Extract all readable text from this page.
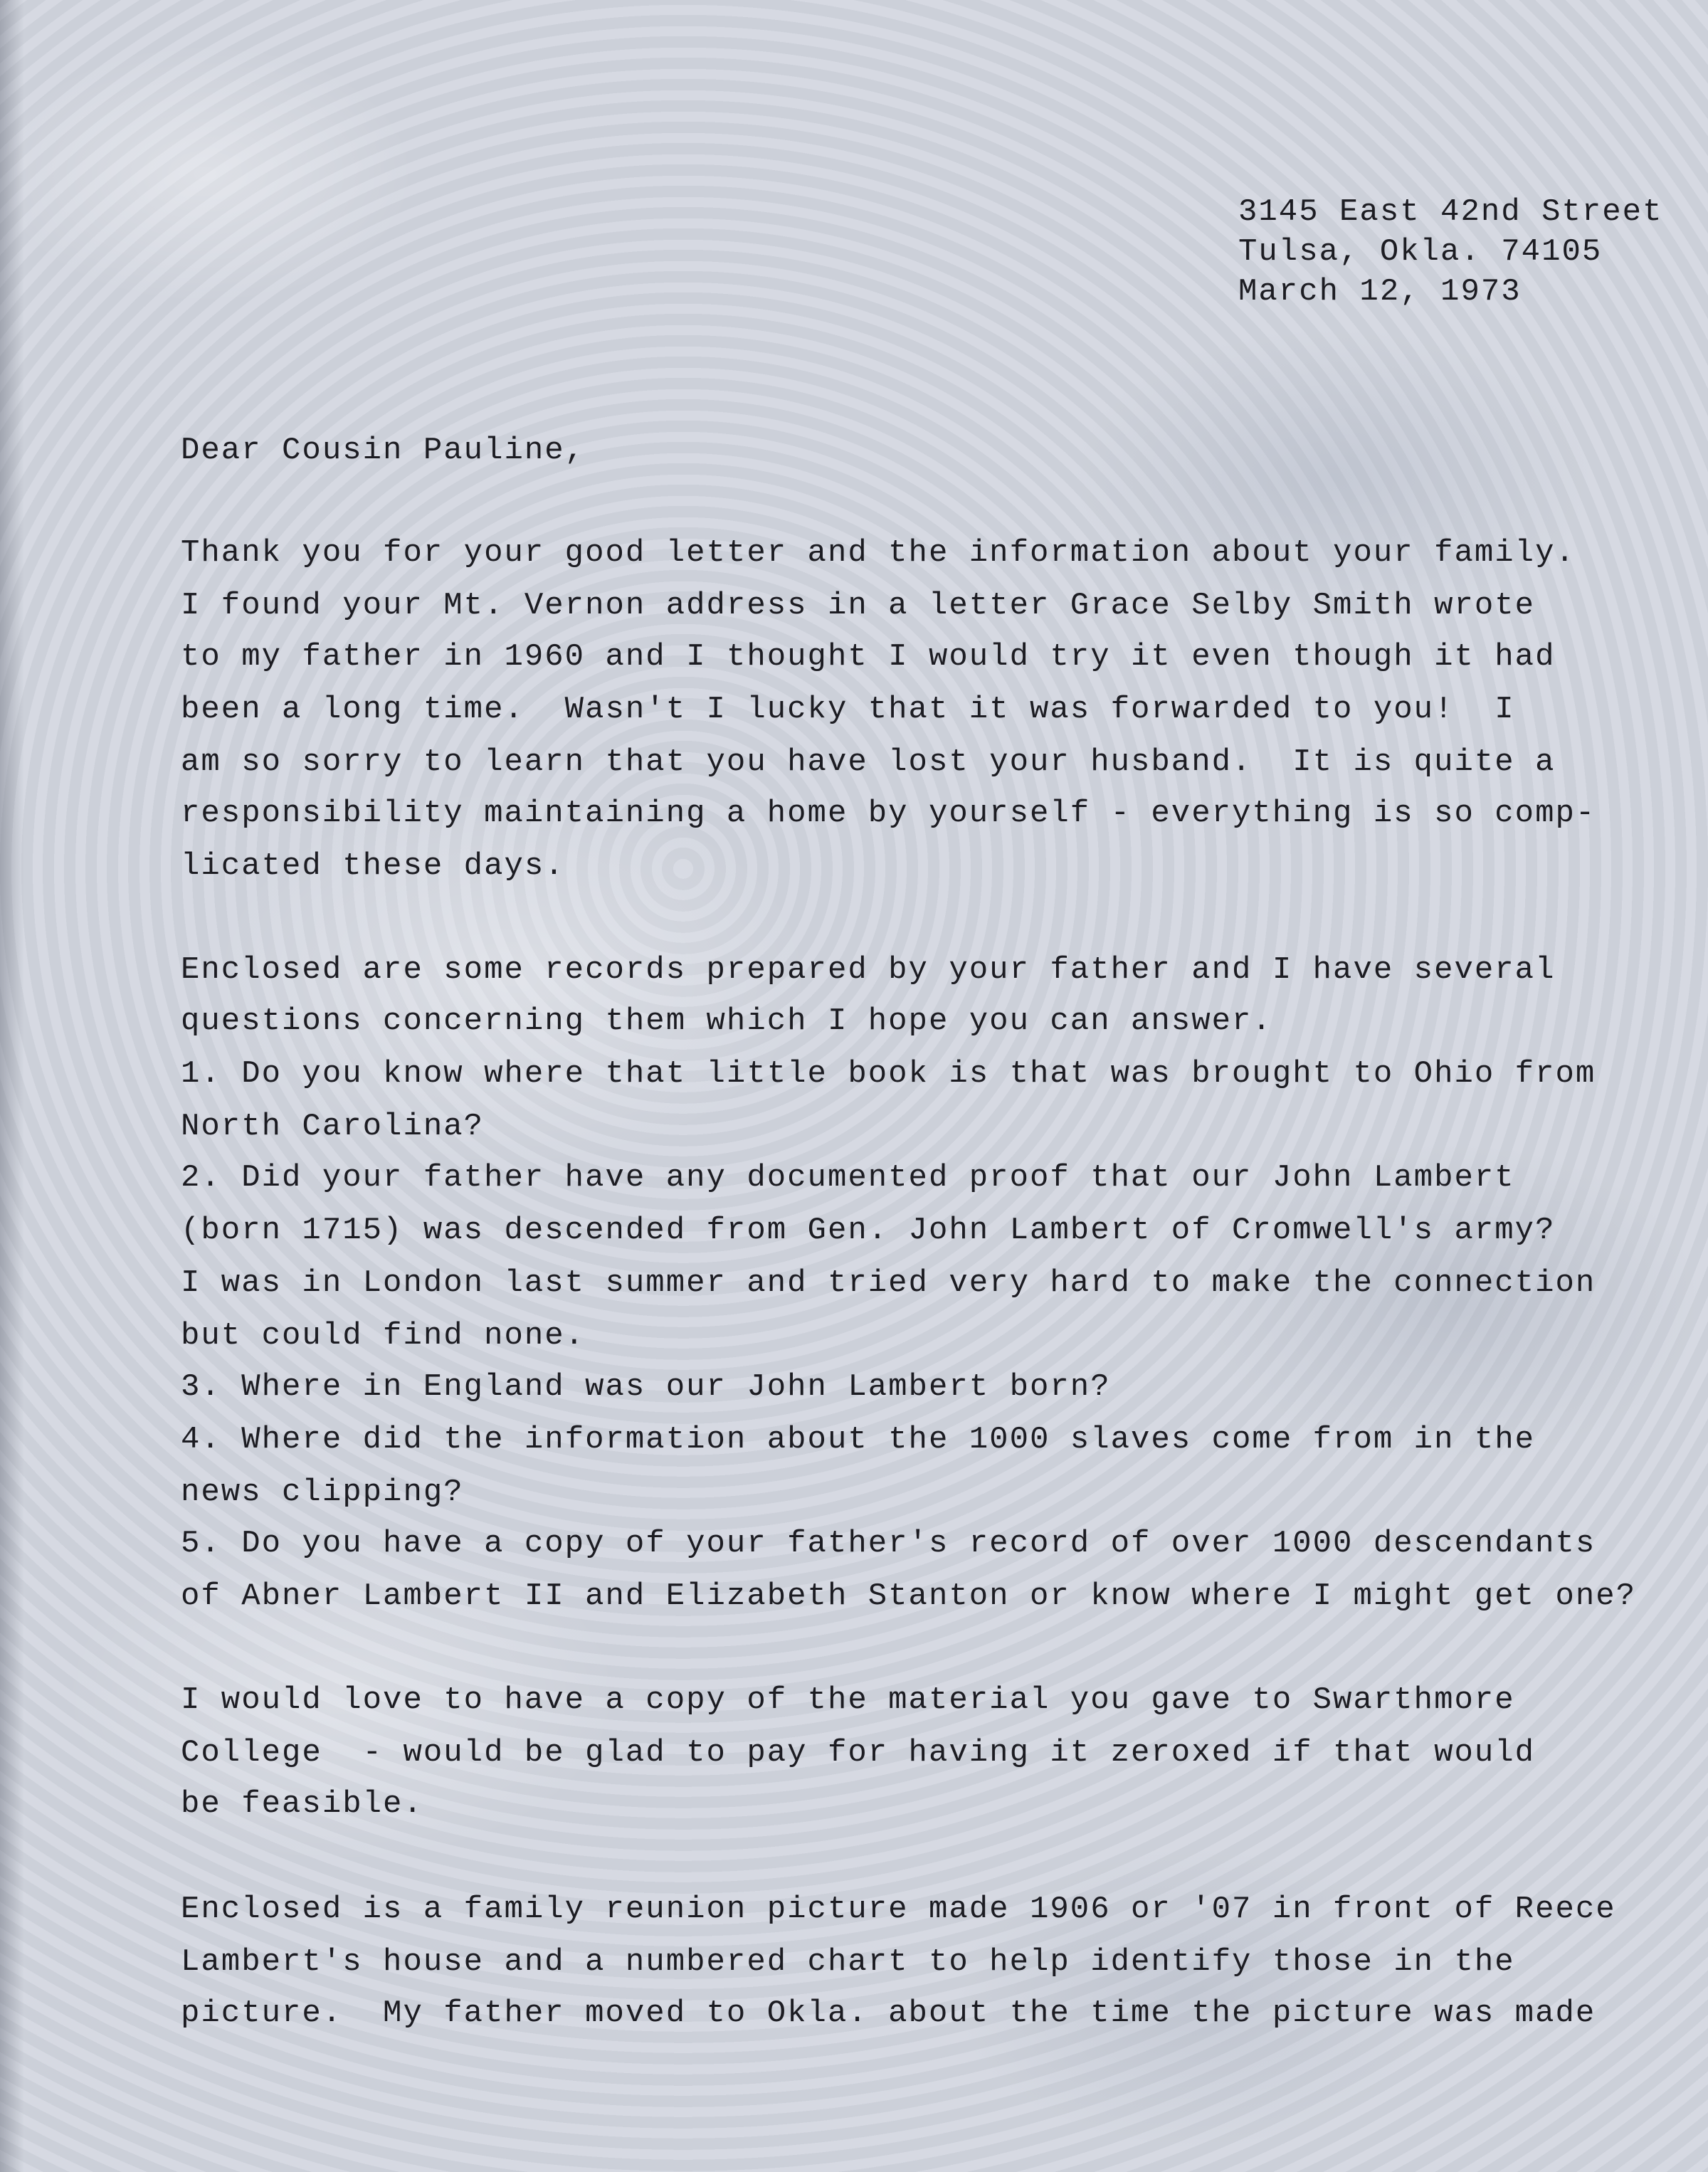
3145 East 42nd Street
Tulsa, Okla. 74105
March 12, 1973
Dear Cousin Pauline,
Thank you for your good letter and the information about your family.
I found your Mt. Vernon address in a letter Grace Selby Smith wrote
to my father in 1960 and I thought I would try it even though it had
been a long time.  Wasn't I lucky that it was forwarded to you!  I
am so sorry to learn that you have lost your husband.  It is quite a
responsibility maintaining a home by yourself - everything is so comp-
licated these days.
Enclosed are some records prepared by your father and I have several
questions concerning them which I hope you can answer.
1. Do you know where that little book is that was brought to Ohio from
North Carolina?
2. Did your father have any documented proof that our John Lambert
(born 1715) was descended from Gen. John Lambert of Cromwell's army?
I was in London last summer and tried very hard to make the connection
but could find none.
3. Where in England was our John Lambert born?
4. Where did the information about the 1000 slaves come from in the
news clipping?
5. Do you have a copy of your father's record of over 1000 descendants
of Abner Lambert II and Elizabeth Stanton or know where I might get one?
I would love to have a copy of the material you gave to Swarthmore
College  - would be glad to pay for having it zeroxed if that would
be feasible.
Enclosed is a family reunion picture made 1906 or '07 in front of Reece
Lambert's house and a numbered chart to help identify those in the
picture.  My father moved to Okla. about the time the picture was made
